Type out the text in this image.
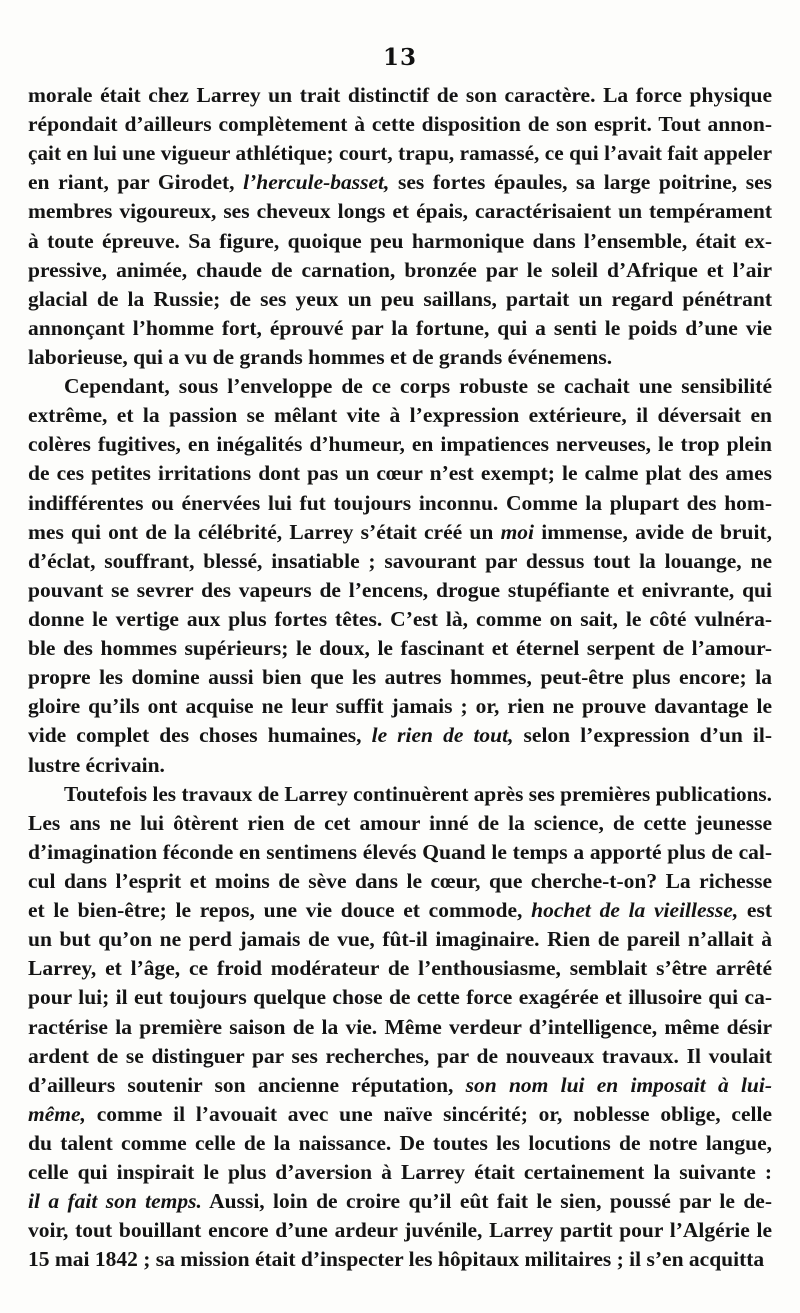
13
morale était chez Larrey un trait distinctif de son caractère. La force physique
répondait d’ailleurs complètement à cette disposition de son esprit. Tout annon-
çait en lui une vigueur athlétique; court, trapu, ramassé, ce qui l’avait fait appeler
en riant, par Girodet, l’hercule-basset, ses fortes épaules, sa large poitrine, ses
membres vigoureux, ses cheveux longs et épais, caractérisaient un tempérament
à toute épreuve. Sa figure, quoique peu harmonique dans l’ensemble, était ex-
pressive, animée, chaude de carnation, bronzée par le soleil d’Afrique et l’air
glacial de la Russie; de ses yeux un peu saillans, partait un regard pénétrant
annonçant l’homme fort, éprouvé par la fortune, qui a senti le poids d’une vie
laborieuse, qui a vu de grands hommes et de grands événemens.
Cependant, sous l’enveloppe de ce corps robuste se cachait une sensibilité
extrême, et la passion se mêlant vite à l’expression extérieure, il déversait en
colères fugitives, en inégalités d’humeur, en impatiences nerveuses, le trop plein
de ces petites irritations dont pas un cœur n’est exempt; le calme plat des ames
indifférentes ou énervées lui fut toujours inconnu. Comme la plupart des hom-
mes qui ont de la célébrité, Larrey s’était créé un moi immense, avide de bruit,
d’éclat, souffrant, blessé, insatiable ; savourant par dessus tout la louange, ne
pouvant se sevrer des vapeurs de l’encens, drogue stupéfiante et enivrante, qui
donne le vertige aux plus fortes têtes. C’est là, comme on sait, le côté vulnéra-
ble des hommes supérieurs; le doux, le fascinant et éternel serpent de l’amour-
propre les domine aussi bien que les autres hommes, peut-être plus encore; la
gloire qu’ils ont acquise ne leur suffit jamais ; or, rien ne prouve davantage le
vide complet des choses humaines, le rien de tout, selon l’expression d’un il-
lustre écrivain.
Toutefois les travaux de Larrey continuèrent après ses premières publications.
Les ans ne lui ôtèrent rien de cet amour inné de la science, de cette jeunesse
d’imagination féconde en sentimens élevés Quand le temps a apporté plus de cal-
cul dans l’esprit et moins de sève dans le cœur, que cherche-t-on? La richesse
et le bien-être; le repos, une vie douce et commode, hochet de la vieillesse, est
un but qu’on ne perd jamais de vue, fût-il imaginaire. Rien de pareil n’allait à
Larrey, et l’âge, ce froid modérateur de l’enthousiasme, semblait s’être arrêté
pour lui; il eut toujours quelque chose de cette force exagérée et illusoire qui ca-
ractérise la première saison de la vie. Même verdeur d’intelligence, même désir
ardent de se distinguer par ses recherches, par de nouveaux travaux. Il voulait
d’ailleurs soutenir son ancienne réputation, son nom lui en imposait à lui-
même, comme il l’avouait avec une naïve sincérité; or, noblesse oblige, celle
du talent comme celle de la naissance. De toutes les locutions de notre langue,
celle qui inspirait le plus d’aversion à Larrey était certainement la suivante :
il a fait son temps. Aussi, loin de croire qu’il eût fait le sien, poussé par le de-
voir, tout bouillant encore d’une ardeur juvénile, Larrey partit pour l’Algérie le
15 mai 1842 ; sa mission était d’inspecter les hôpitaux militaires ; il s’en acquitta
